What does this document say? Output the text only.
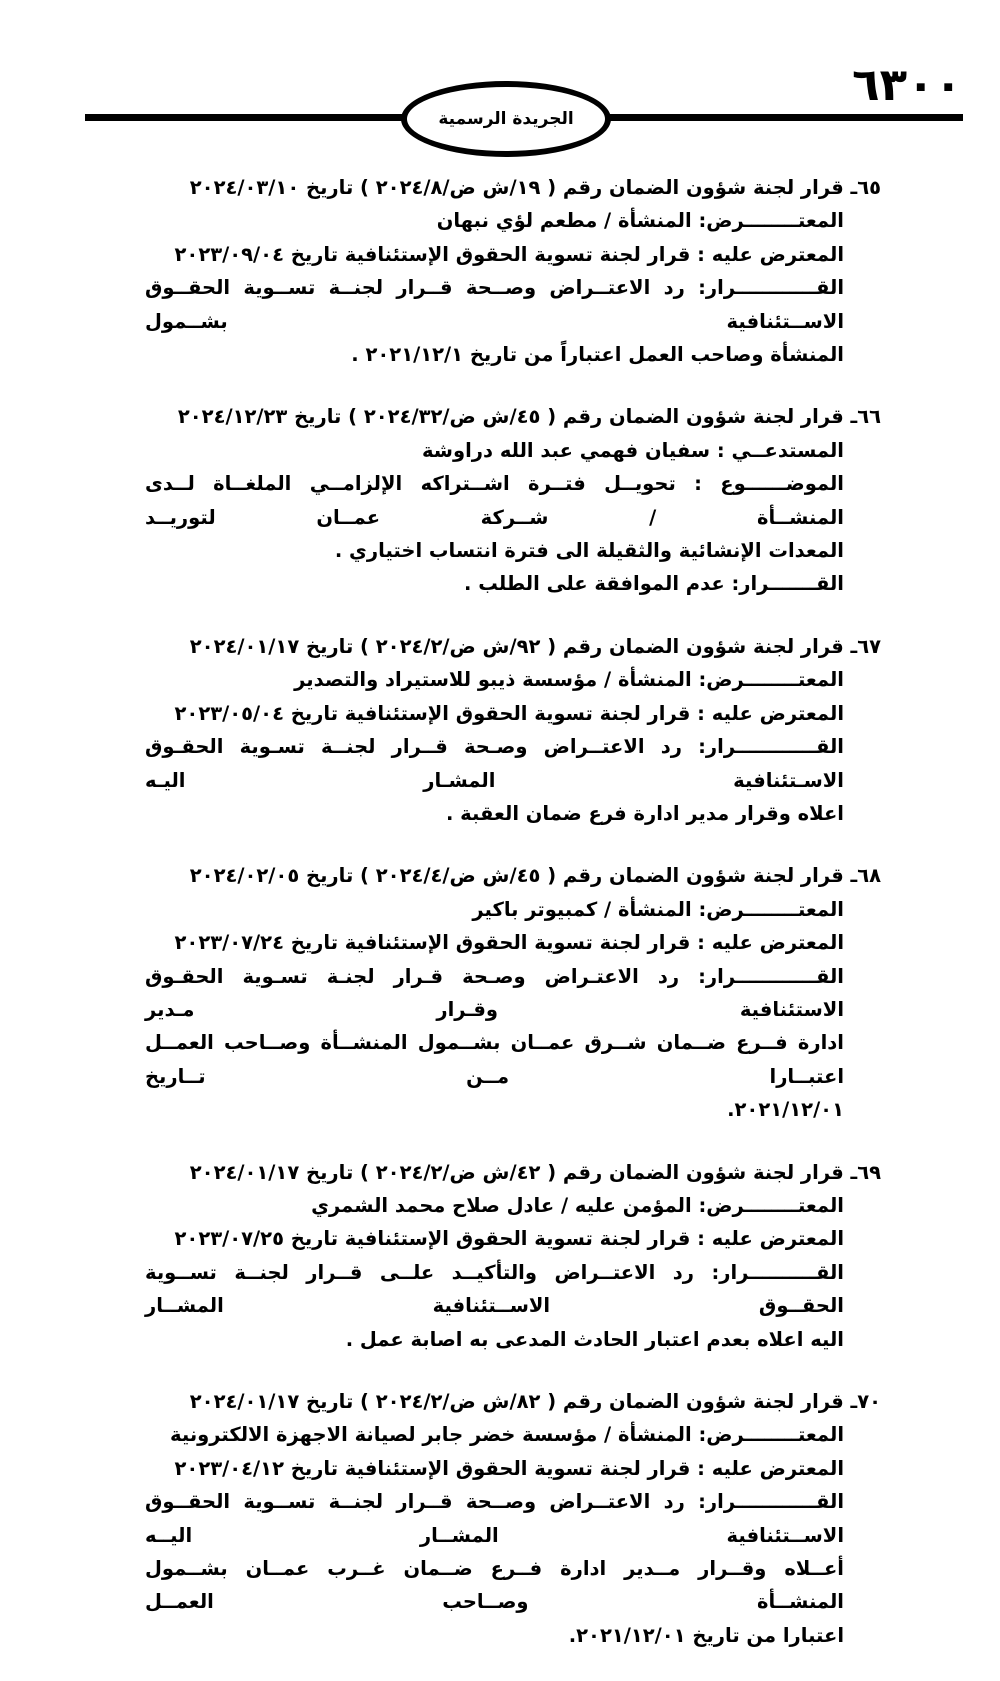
٦٣٠٠
الجريدة الرسمية
٦٥ـ قرار لجنة شؤون الضمان رقم ( ١٩/ش ض/٢٠٢٤/٨ ) تاريخ ٢٠٢٤/٠٣/١٠
المعتــــــــرض: المنشأة / مطعم لؤي نبهان
المعترض عليه : قرار لجنة تسوية الحقوق الإستئنافية تاريخ ٢٠٢٣/٠٩/٠٤
القــــــــــــرار: رد الاعتــراض وصــحة قــرار لجنــة تســوية الحقــوق الاســتئنافية بشــمول
المنشأة وصاحب العمل اعتباراً من تاريخ ٢٠٢١/١٢/١ .
٦٦ـ قرار لجنة شؤون الضمان رقم ( ٤٥/ش ض/٢٠٢٤/٣٢ ) تاريخ ٢٠٢٤/١٢/٢٣
المستدعــي : سفيان فهمي عبد الله دراوشة
الموضــــــوع : تحويــل فتــرة اشــتراكه الإلزامــي الملغــاة لــدى المنشــأة / شــركة عمــان لتوريــد
المعدات الإنشائية والثقيلة الى فترة انتساب اختياري .
القـــــــرار: عدم الموافقة على الطلب .
٦٧ـ قرار لجنة شؤون الضمان رقم ( ٩٢/ش ض/٢٠٢٤/٢ ) تاريخ ٢٠٢٤/٠١/١٧
المعتــــــــرض: المنشأة / مؤسسة ذيبو للاستيراد والتصدير
المعترض عليه : قرار لجنة تسوية الحقوق الإستئنافية تاريخ ٢٠٢٣/٠٥/٠٤
القــــــــــــرار: رد الاعتــراض وصـحة قــرار لجنــة تسـوية الحقـوق الاسـتئنافية المشـار اليـه
اعلاه وقرار مدير ادارة فرع ضمان العقبة .
٦٨ـ قرار لجنة شؤون الضمان رقم ( ٤٥/ش ض/٢٠٢٤/٤ ) تاريخ ٢٠٢٤/٠٢/٠٥
المعتــــــــرض: المنشأة / كمبيوتر باكير
المعترض عليه : قرار لجنة تسوية الحقوق الإستئنافية تاريخ ٢٠٢٣/٠٧/٢٤
القــــــــــــرار: رد الاعتـراض وصـحة قـرار لجنـة تسـوية الحقـوق الاستئنافية وقـرار مـدير
ادارة فــرع ضــمان شــرق عمــان بشــمول المنشــأة وصــاحب العمــل اعتبــارا مــن تــاريخ
٢٠٢١/١٢/٠١.
٦٩ـ قرار لجنة شؤون الضمان رقم ( ٤٢/ش ض/٢٠٢٤/٢ ) تاريخ ٢٠٢٤/٠١/١٧
المعتــــــــرض: المؤمن عليه / عادل صلاح محمد الشمري
المعترض عليه : قرار لجنة تسوية الحقوق الإستئنافية تاريخ ٢٠٢٣/٠٧/٢٥
القــــــــــرار: رد الاعتــراض والتأكيــد علــى قــرار لجنــة تســوية الحقــوق الاســتئنافية المشــار
اليه اعلاه بعدم اعتبار الحادث المدعى به اصابة عمل .
٧٠ـ قرار لجنة شؤون الضمان رقم ( ٨٢/ش ض/٢٠٢٤/٢ ) تاريخ ٢٠٢٤/٠١/١٧
المعتــــــــرض: المنشأة / مؤسسة خضر جابر لصيانة الاجهزة الالكترونية
المعترض عليه : قرار لجنة تسوية الحقوق الإستئنافية تاريخ ٢٠٢٣/٠٤/١٢
القــــــــــــرار: رد الاعتــراض وصــحة قــرار لجنــة تســوية الحقــوق الاســتئنافية المشــار اليــه
أعــلاه وقــرار مــدير ادارة فــرع ضــمان غــرب عمــان بشــمول المنشــأة وصــاحب العمــل
اعتبارا من تاريخ ٢٠٢١/١٢/٠١.
